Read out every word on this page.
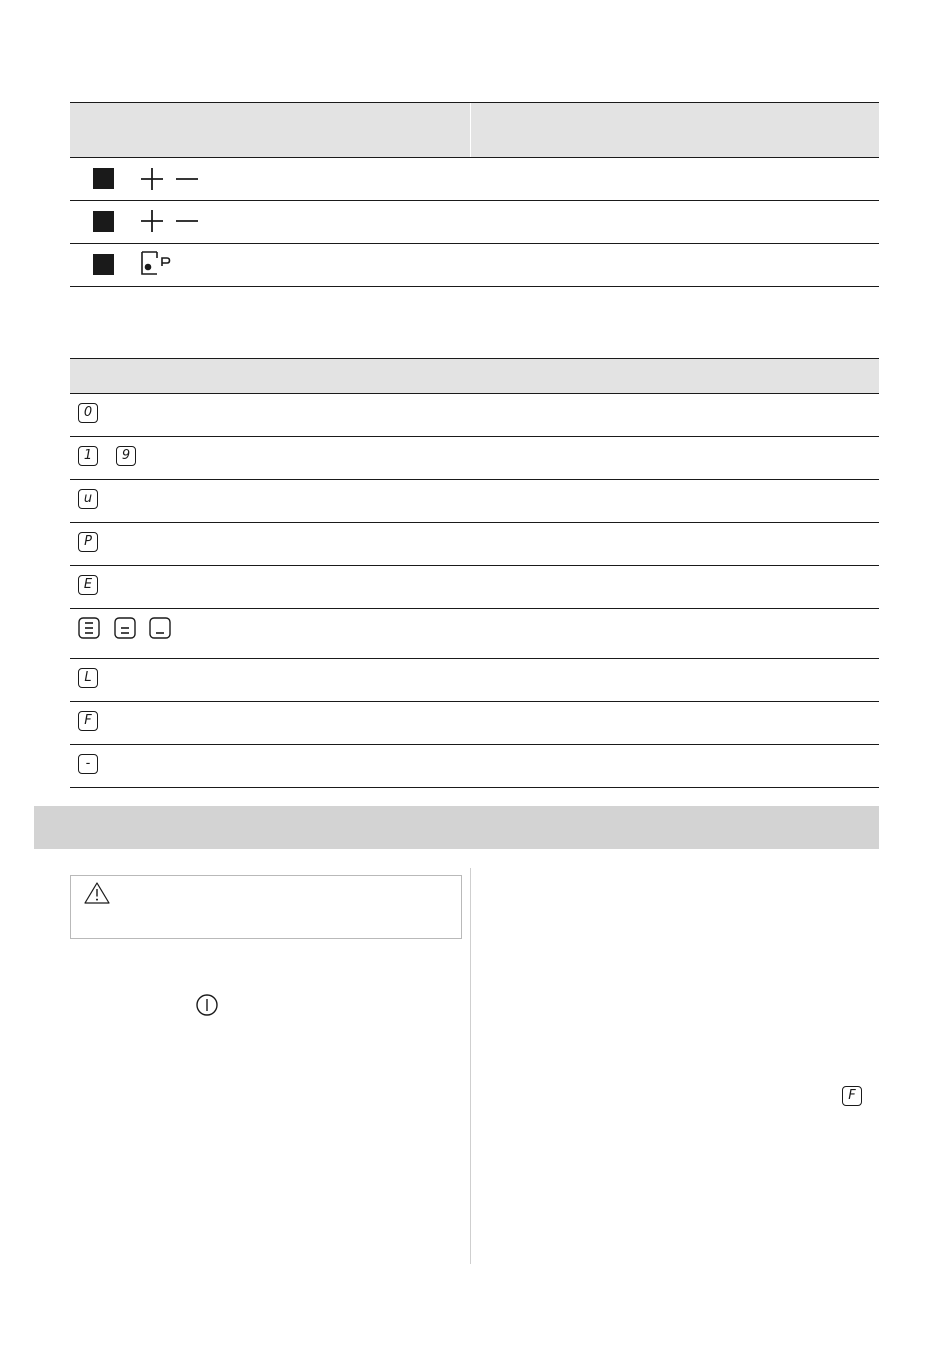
0
1	9
u
P
E
L
F
-
F
